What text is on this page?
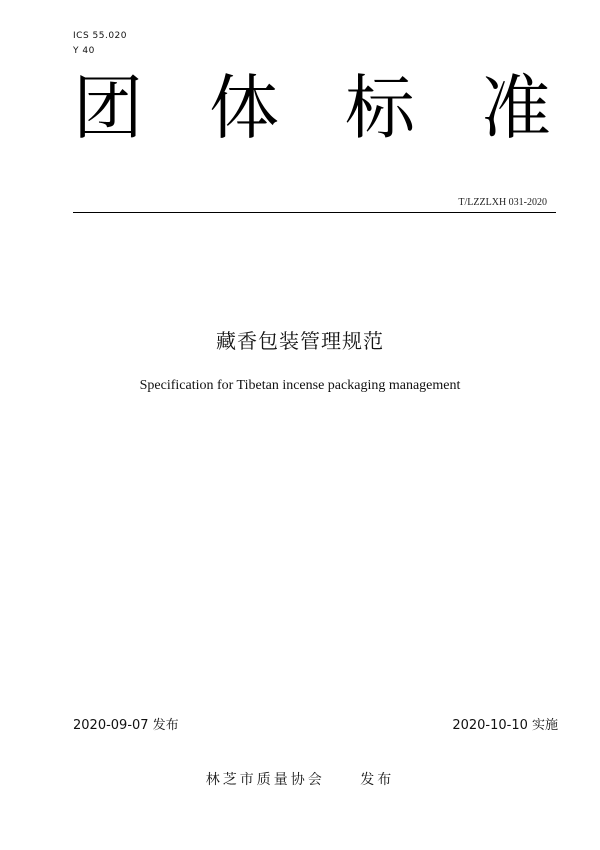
ICS 55.020
Y 40
团 体 标 准
T/LZZLXH 031-2020
藏香包装管理规范
Specification for Tibetan incense packaging management
2020-09-07 发布	2020-10-10 实施
林芝市质量协会	发布
